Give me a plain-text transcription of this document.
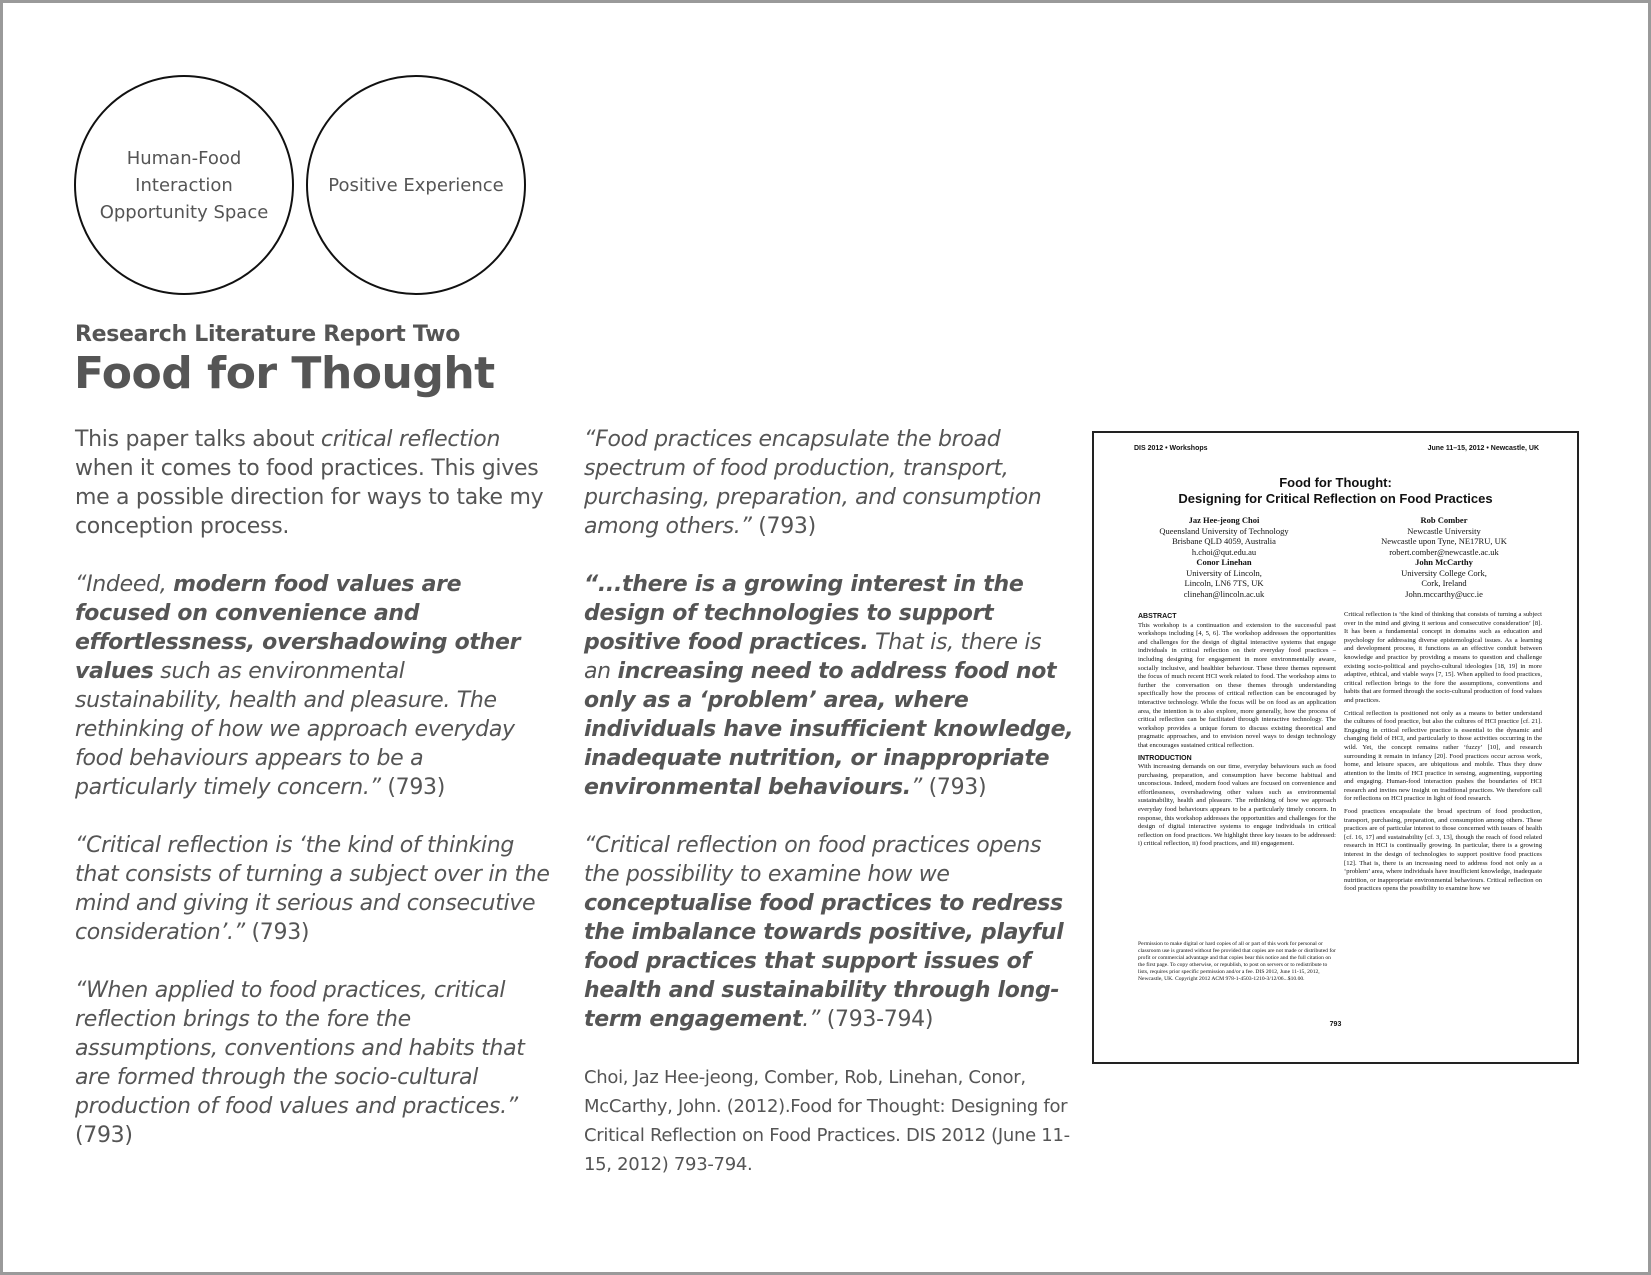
Human-Food Interaction Opportunity Space
Positive Experience
Research Literature Report Two
Food for Thought

This paper talks about critical reflection when it comes to food practices. This gives me a possible direction for ways to take my conception process.

“Indeed, modern food values are focused on convenience and effortlessness, overshadowing other values such as environmental sustainability, health and pleasure. The rethinking of how we approach everyday food behaviours appears to be a particularly timely concern.” (793)

“Critical reflection is ‘the kind of thinking that consists of turning a subject over in the mind and giving it serious and consecutive consideration’.” (793)

“When applied to food practices, critical reflection brings to the fore the assumptions, conventions and habits that are formed through the socio-cultural production of food values and practices.” (793)

“Food practices encapsulate the broad spectrum of food production, transport, purchasing, preparation, and consumption among others.” (793)

“...there is a growing interest in the design of technologies to support positive food practices. That is, there is an increasing need to address food not only as a ‘problem’ area, where individuals have insufficient knowledge, inadequate nutrition, or inappropriate environmental behaviours.” (793)

“Critical reflection on food practices opens the possibility to examine how we conceptualise food practices to redress the imbalance towards positive, playful food practices that support issues of health and sustainability through long-term engagement.” (793-794)

Choi, Jaz Hee-jeong, Comber, Rob, Linehan, Conor, McCarthy, John. (2012).Food for Thought: Designing for Critical Reflection on Food Practices. DIS 2012 (June 11-15, 2012) 793-794.

DIS 2012 • Workshops	June 11–15, 2012 • Newcastle, UK
Food for Thought:
Designing for Critical Reflection on Food Practices
Jaz Hee-jeong Choi
Queensland University of Technology
Brisbane QLD 4059, Australia
h.choi@qut.edu.au
Conor Linehan
University of Lincoln,
Lincoln, LN6 7TS, UK
clinehan@lincoln.ac.uk
Rob Comber
Newcastle University
Newcastle upon Tyne, NE17RU, UK
robert.comber@newcastle.ac.uk
John McCarthy
University College Cork,
Cork, Ireland
John.mccarthy@ucc.ie
ABSTRACT

This workshop is a continuation and extension to the successful past workshops including [4, 5, 6]. The workshop addresses the opportunities and challenges for the design of digital interactive systems that engage individuals in critical reflection on their everyday food practices – including designing for engagement in more environmentally aware, socially inclusive, and healthier behaviour. These three themes represent the focus of much recent HCI work related to food. The workshop aims to further the conversation on these themes through understanding specifically how the process of critical reflection can be encouraged by interactive technology. While the focus will be on food as an application area, the intention is to also explore, more generally, how the process of critical reflection can be facilitated through interactive technology. The workshop provides a unique forum to discuss existing theoretical and pragmatic approaches, and to envision novel ways to design technology that encourages sustained critical reflection.

INTRODUCTION

With increasing demands on our time, everyday behaviours such as food purchasing, preparation, and consumption have become habitual and unconscious. Indeed, modern food values are focused on convenience and effortlessness, overshadowing other values such as environmental sustainability, health and pleasure. The rethinking of how we approach everyday food behaviours appears to be a particularly timely concern. In response, this workshop addresses the opportunities and challenges for the design of digital interactive systems to engage individuals in critical reflection on food practices. We highlight three key issues to be addressed: i) critical reflection, ii) food practices, and iii) engagement.

Permission to make digital or hard copies of all or part of this work for personal or classroom use is granted without fee provided that copies are not made or distributed for profit or commercial advantage and that copies bear this notice and the full citation on the first page. To copy otherwise, or republish, to post on servers or to redistribute to lists, requires prior specific permission and/or a fee. DIS 2012, June 11-15, 2012, Newcastle, UK. Copyright 2012 ACM 978-1-4503-1210-3/12/06...$10.00.

Critical reflection is ‘the kind of thinking that consists of turning a subject over in the mind and giving it serious and consecutive consideration’ [8]. It has been a fundamental concept in domains such as education and psychology for addressing diverse epistemological issues. As a learning and development process, it functions as an effective conduit between knowledge and practice by providing a means to question and challenge existing socio-political and psycho-cultural ideologies [18, 19] in more adaptive, ethical, and viable ways [7, 15]. When applied to food practices, critical reflection brings to the fore the assumptions, conventions and habits that are formed through the socio-cultural production of food values and practices.

Critical reflection is positioned not only as a means to better understand the cultures of food practice, but also the cultures of HCI practice [cf. 21]. Engaging in critical reflective practice is essential to the dynamic and changing field of HCI, and particularly to those activities occurring in the wild. Yet, the concept remains rather ‘fuzzy’ [10], and research surrounding it remain in infancy [20]. Food practices occur across work, home, and leisure spaces, are ubiquitous and mobile. Thus they draw attention to the limits of HCI practice in sensing, augmenting, supporting and engaging. Human-food interaction pushes the boundaries of HCI research and invites new insight on traditional practices. We therefore call for reflections on HCI practice in light of food research.

Food practices encapsulate the broad spectrum of food production, transport, purchasing, preparation, and consumption among others. These practices are of particular interest to those concerned with issues of health [cf. 16, 17] and sustainability [cf. 3, 13], though the reach of food related research in HCI is continually growing. In particular, there is a growing interest in the design of technologies to support positive food practices [12]. That is, there is an increasing need to address food not only as a ‘problem’ area, where individuals have insufficient knowledge, inadequate nutrition, or inappropriate environmental behaviours. Critical reflection on food practices opens the possibility to examine how we

793
